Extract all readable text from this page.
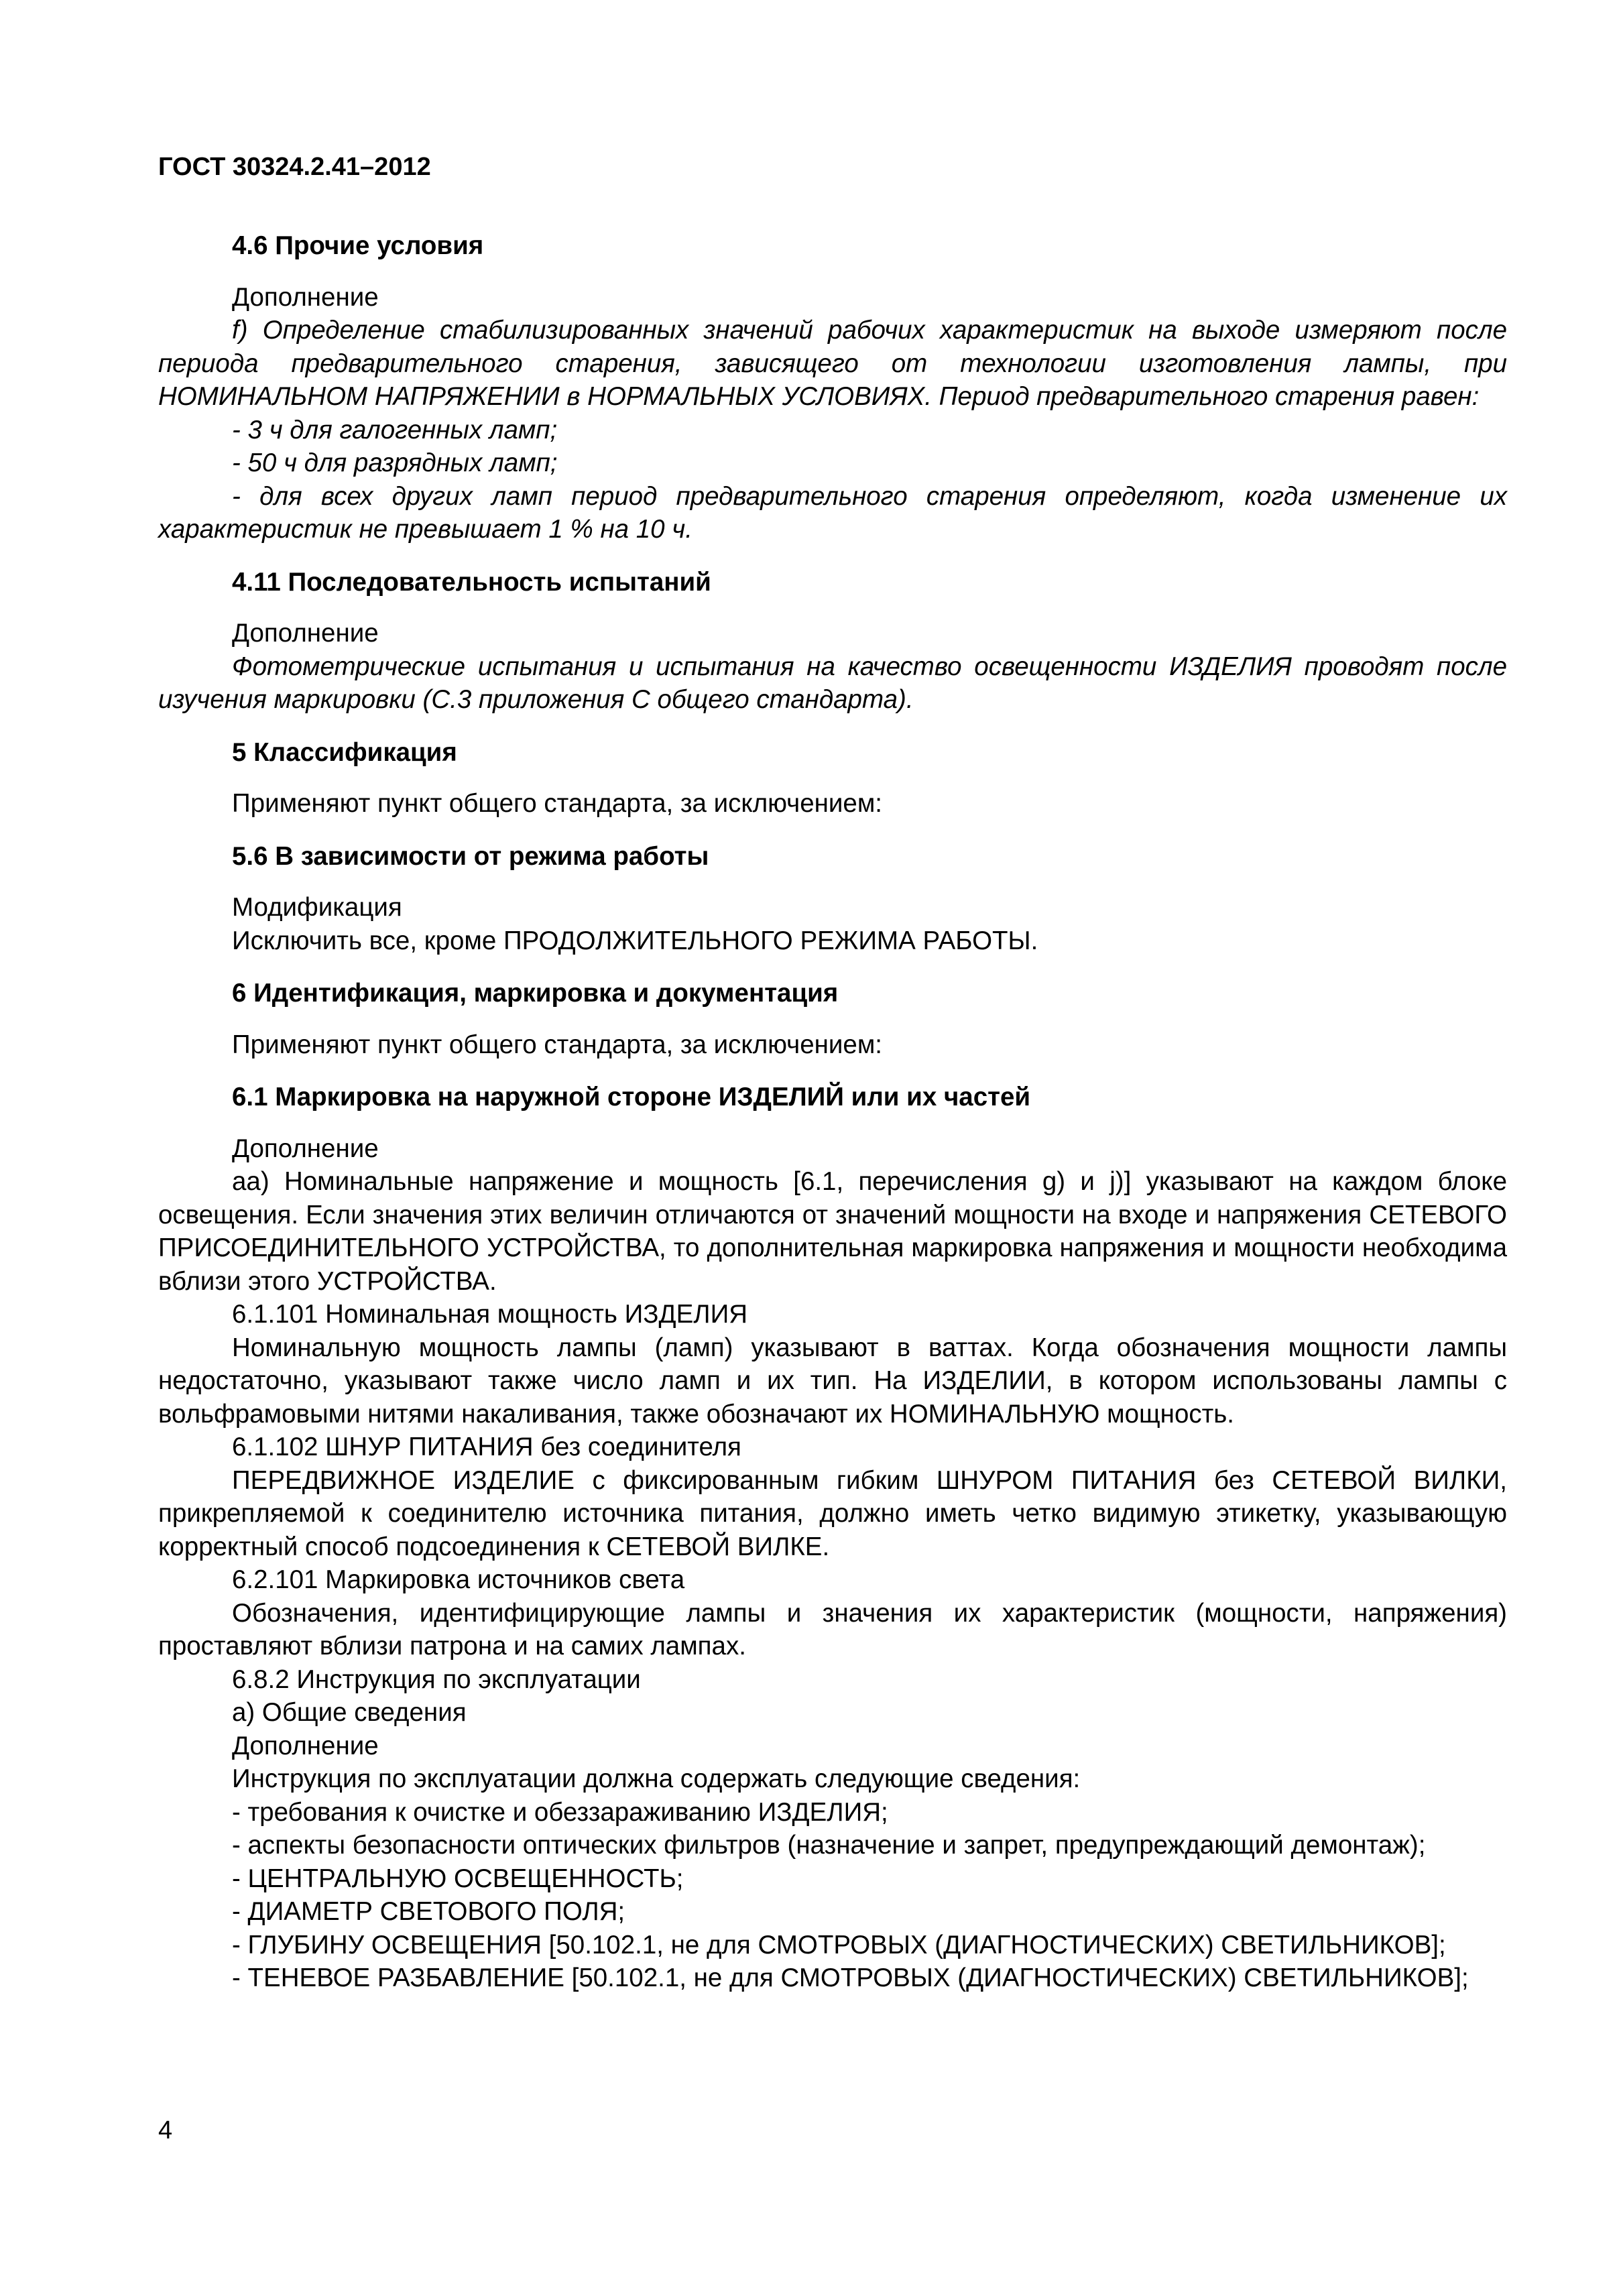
ГОСТ 30324.2.41–2012

4.6 Прочие условия

Дополнение

f) Определение стабилизированных значений рабочих характеристик на выходе измеряют после периода предварительного старения, зависящего от технологии изготовления лампы, при НОМИНАЛЬНОМ НАПРЯЖЕНИИ в НОРМАЛЬНЫХ УСЛОВИЯХ. Период предварительного старения равен:

- 3 ч для галогенных ламп;

- 50 ч для разрядных ламп;

- для всех других ламп период предварительного старения определяют, когда изменение их характеристик не превышает 1 % на 10 ч.

4.11 Последовательность испытаний

Дополнение

Фотометрические испытания и испытания на качество освещенности ИЗДЕЛИЯ проводят после изучения маркировки (С.3 приложения С общего стандарта).

5 Классификация

Применяют пункт общего стандарта, за исключением:

5.6 В зависимости от режима работы

Модификация

Исключить все, кроме ПРОДОЛЖИТЕЛЬНОГО РЕЖИМА РАБОТЫ.

6 Идентификация, маркировка и документация

Применяют пункт общего стандарта, за исключением:

6.1 Маркировка на наружной стороне ИЗДЕЛИЙ или их частей

Дополнение

аа) Номинальные напряжение и мощность [6.1, перечисления g) и j)] указывают на каждом блоке освещения. Если значения этих величин отличаются от значений мощности на входе и напряжения СЕТЕВОГО ПРИСОЕДИНИТЕЛЬНОГО УСТРОЙСТВА, то дополнительная маркировка напряжения и мощности необходима вблизи этого УСТРОЙСТВА.

6.1.101 Номинальная мощность ИЗДЕЛИЯ

Номинальную мощность лампы (ламп) указывают в ваттах. Когда обозначения мощности лампы недостаточно, указывают также число ламп и их тип. На ИЗДЕЛИИ, в котором использованы лампы с вольфрамовыми нитями накаливания, также обозначают их НОМИНАЛЬНУЮ мощность.

6.1.102 ШНУР ПИТАНИЯ без соединителя

ПЕРЕДВИЖНОЕ ИЗДЕЛИЕ с фиксированным гибким ШНУРОМ ПИТАНИЯ без СЕТЕВОЙ ВИЛКИ, прикрепляемой к соединителю источника питания, должно иметь четко видимую этикетку, указывающую корректный способ подсоединения к СЕТЕВОЙ ВИЛКЕ.

6.2.101 Маркировка источников света

Обозначения, идентифицирующие лампы и значения их характеристик (мощности, напряжения) проставляют вблизи патрона и на самих лампах.

6.8.2 Инструкция по эксплуатации

а) Общие сведения

Дополнение

Инструкция по эксплуатации должна содержать следующие сведения:

- требования к очистке и обеззараживанию ИЗДЕЛИЯ;

- аспекты безопасности оптических фильтров (назначение и запрет, предупреждающий демонтаж);

- ЦЕНТРАЛЬНУЮ ОСВЕЩЕННОСТЬ;

- ДИАМЕТР СВЕТОВОГО ПОЛЯ;

- ГЛУБИНУ ОСВЕЩЕНИЯ [50.102.1, не для СМОТРОВЫХ (ДИАГНОСТИЧЕСКИХ) СВЕТИЛЬНИКОВ];

- ТЕНЕВОЕ РАЗБАВЛЕНИЕ [50.102.1, не для СМОТРОВЫХ (ДИАГНОСТИЧЕСКИХ) СВЕТИЛЬНИКОВ];

4
